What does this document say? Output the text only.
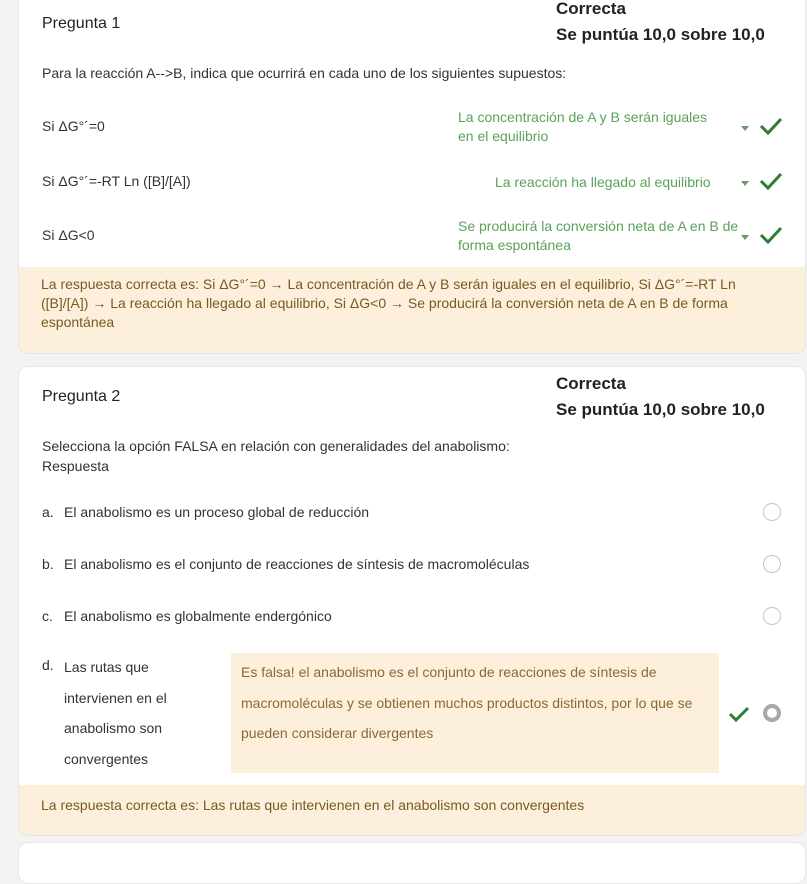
Pregunta 1
Correcta
Se puntúa 10,0 sobre 10,0
Para la reacción A-->B, indica que ocurrirá en cada uno de los siguientes supuestos:
Si ΔG°´=0
La concentración de A y B serán iguales en el equilibrio
Si ΔG°´=-RT Ln ([B]/[A])	La reacción ha llegado al equilibrio
Si ΔG<0
Se producirá la conversión neta de A en B de forma espontánea
La respuesta correcta es: Si ΔG°´=0 → La concentración de A y B serán iguales en el equilibrio, Si ΔG°´=-RT Ln ([B]/[A]) → La reacción ha llegado al equilibrio, Si ΔG<0 → Se producirá la conversión neta de A en B de forma espontánea
Pregunta 2
Correcta
Se puntúa 10,0 sobre 10,0
Selecciona la opción FALSA en relación con generalidades del anabolismo:
Respuesta
a. El anabolismo es un proceso global de reducción
b. El anabolismo es el conjunto de reacciones de síntesis de macromoléculas
c. El anabolismo es globalmente endergónico
d. Las rutas que intervienen en el anabolismo son convergentes
Es falsa! el anabolismo es el conjunto de reacciones de síntesis de macromoléculas y se obtienen muchos productos distintos, por lo que se pueden considerar divergentes
La respuesta correcta es: Las rutas que intervienen en el anabolismo son convergentes
